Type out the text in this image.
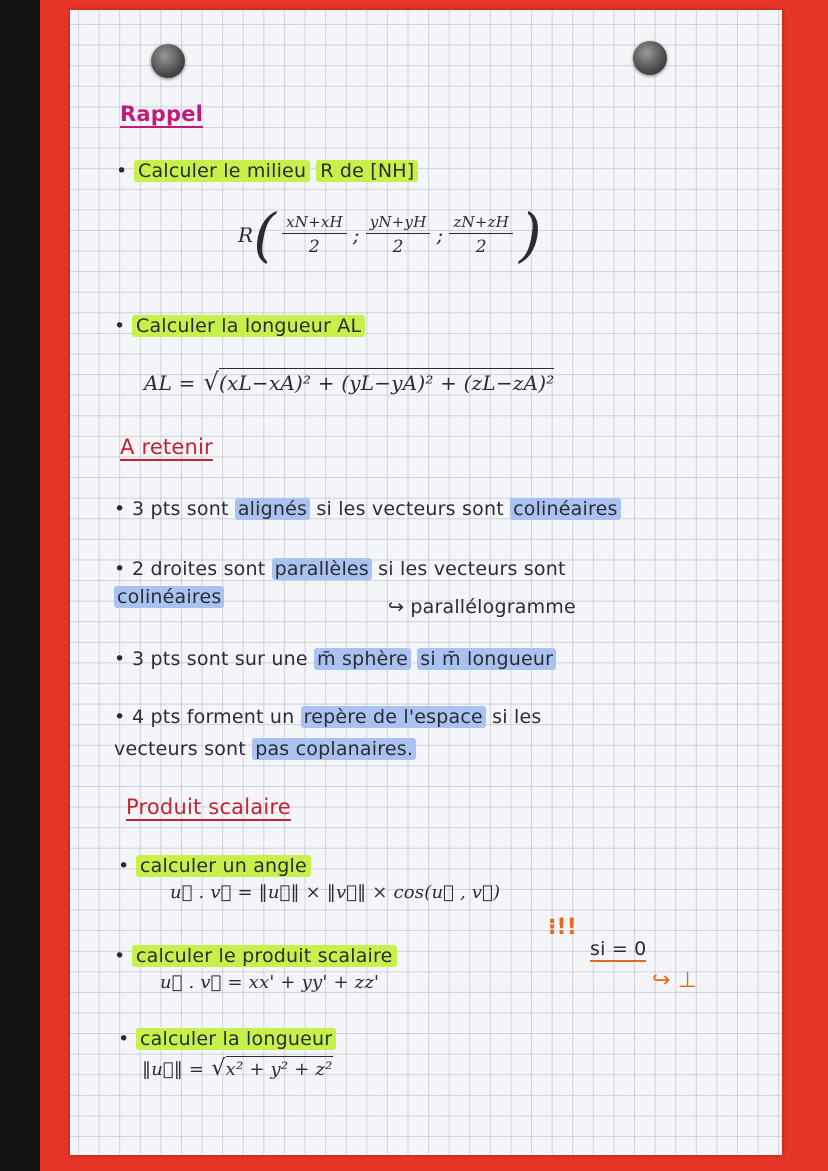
Rappel
• Calculer le milieu R de [NH]
$R( \frac{xN+xH}{2}$ ; $\frac{yN+yH}{2}$ ; $\frac{zN+zH}{2}$ )
• Calculer la longueur AL
AL = √(xL−xA)² + (yL−yA)² + (zL−zA)²
A retenir
• 3 pts sont alignés si les vecteurs sont colinéaires
• 2 droites sont parallèles si les vecteurs sont
colinéaires	↪ parallélogramme
• 3 pts sont sur une m̄ sphère si m̄ longueur
• 4 pts forment un repère de l'espace si les
vecteurs sont pas coplanaires.
Produit scalaire
• calculer un angle
u⃗ . v⃗ = ‖u⃗‖ × ‖v⃗‖ × cos(u⃗ , v⃗)
• calculer le produit scalaire
u⃗ . v⃗ = xx' + yy' + zz'
⁝!!
si = 0
↪ ⊥
• calculer la longueur
‖u⃗‖ = √x² + y² + z²
